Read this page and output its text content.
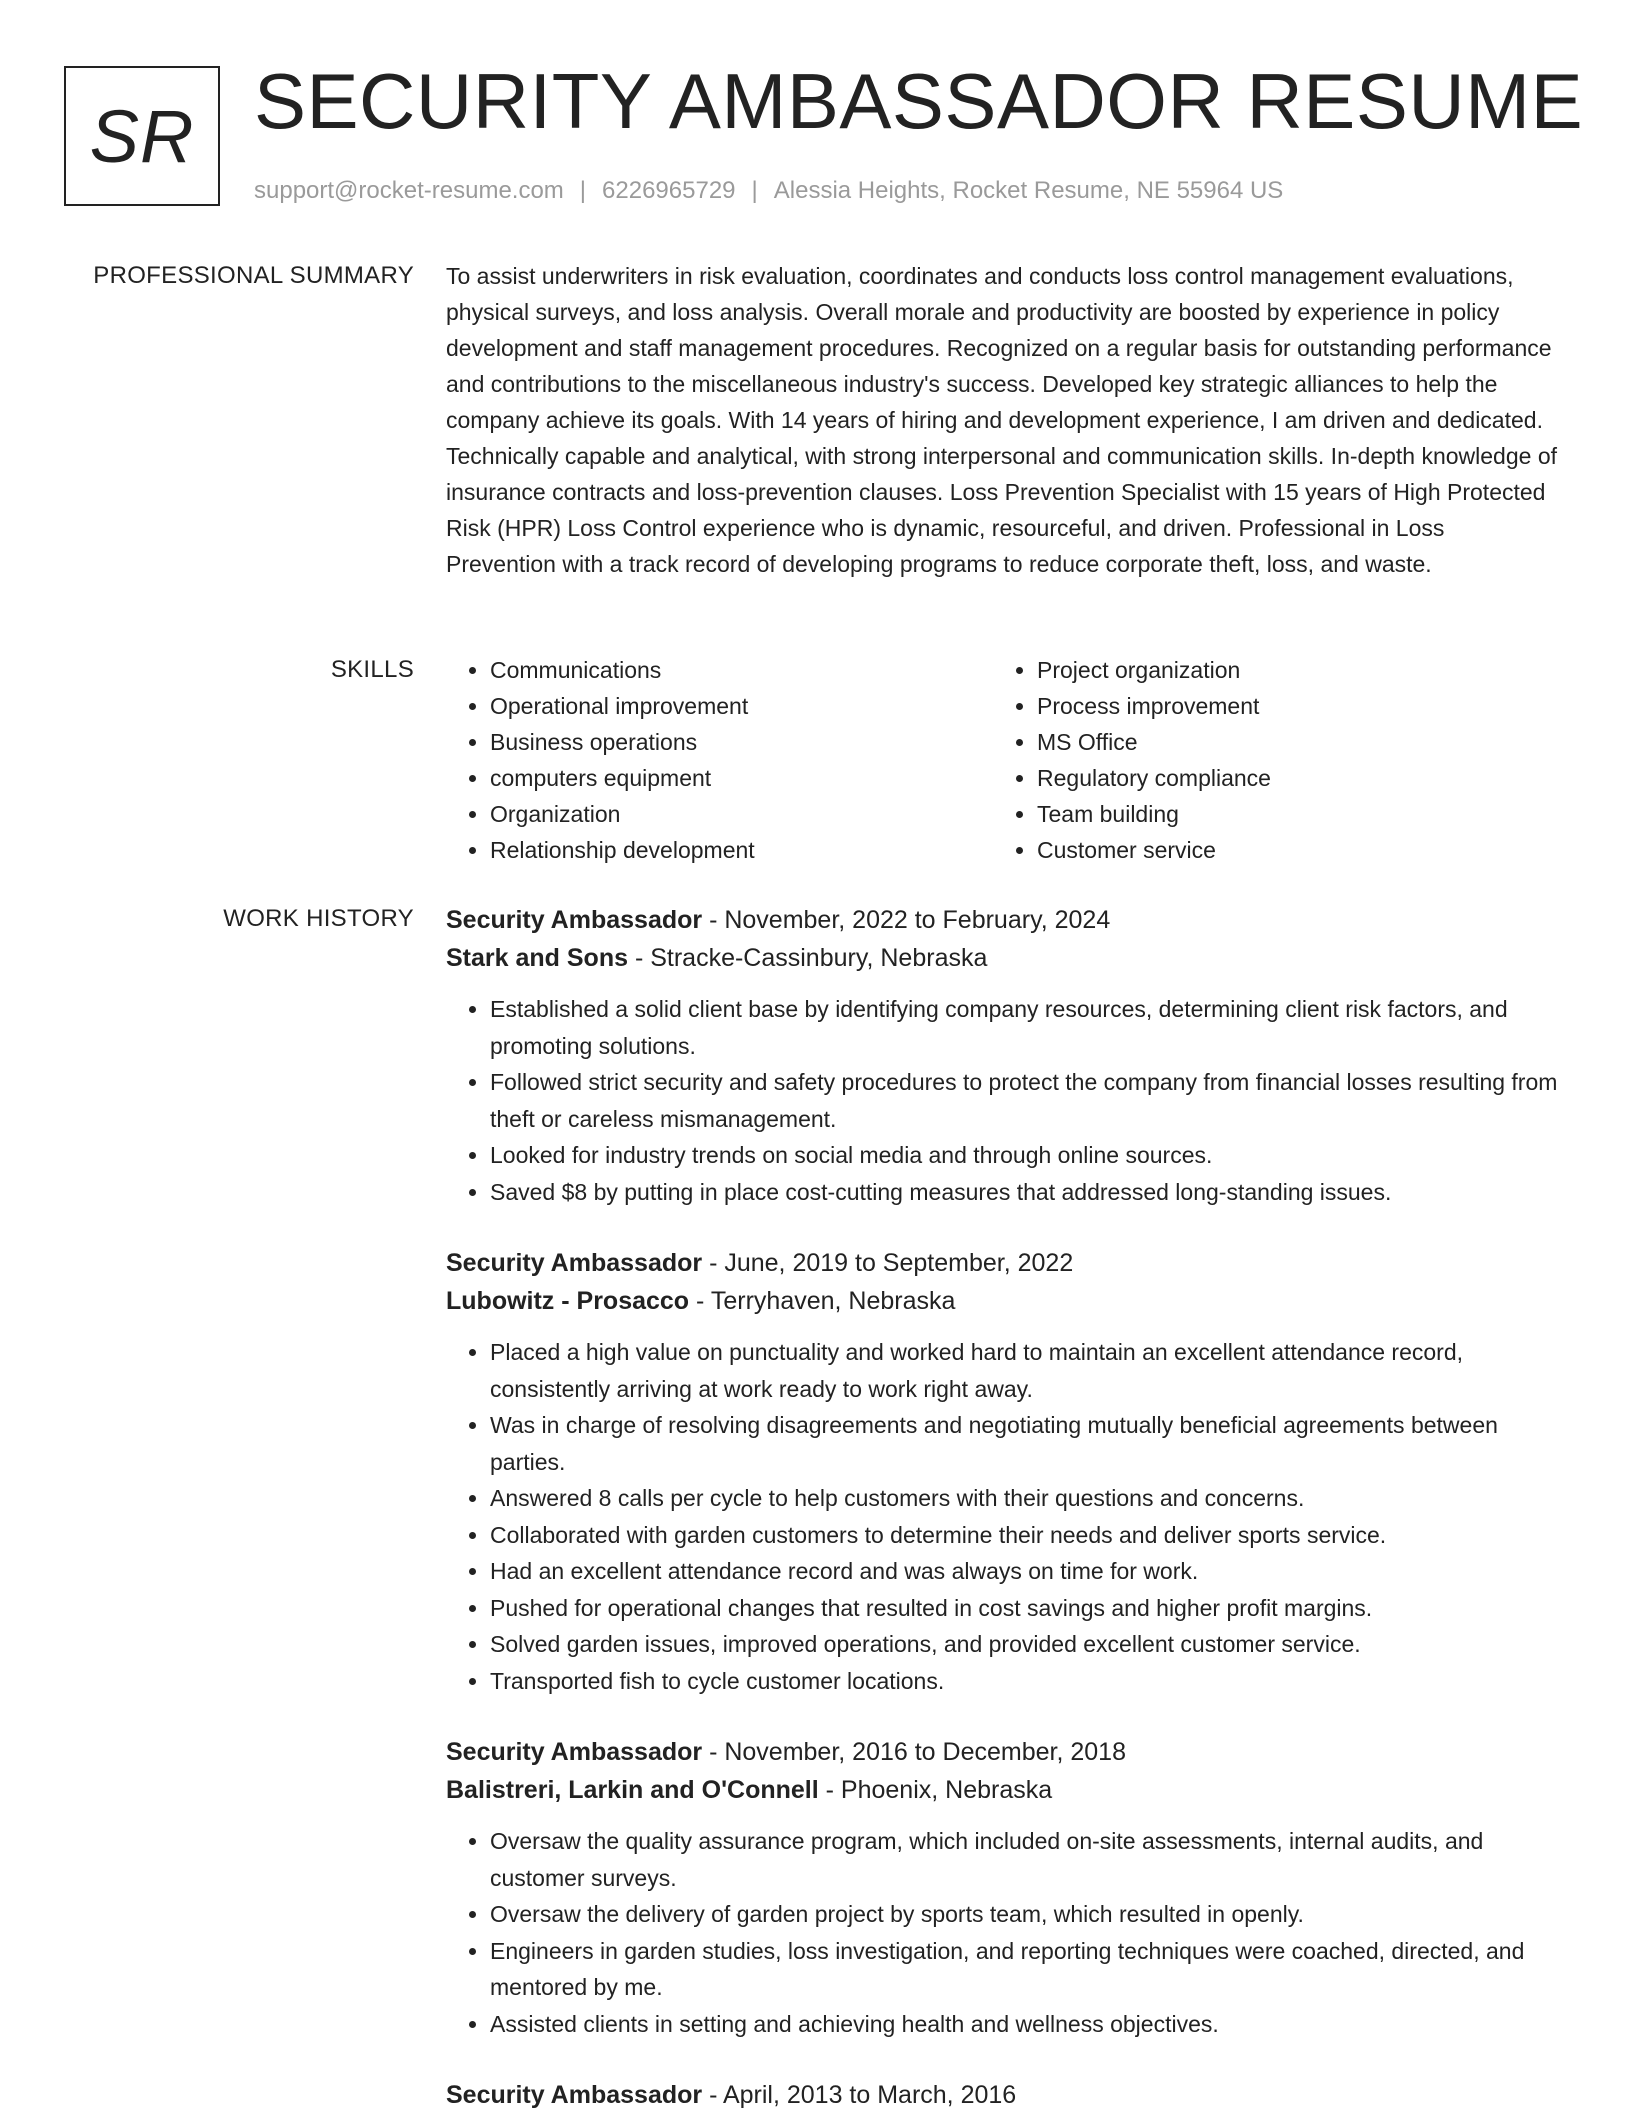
SR SECURITY AMBASSADOR RESUME
support@rocket-resume.com | 6226965729 | Alessia Heights, Rocket Resume, NE 55964 US
PROFESSIONAL SUMMARY To assist underwriters in risk evaluation, coordinates and conducts loss control management evaluations, physical surveys, and loss analysis. Overall morale and productivity are boosted by experience in policy development and staff management procedures. Recognized on a regular basis for outstanding performance and contributions to the miscellaneous industry's success. Developed key strategic alliances to help the company achieve its goals. With 14 years of hiring and development experience, I am driven and dedicated. Technically capable and analytical, with strong interpersonal and communication skills. In-depth knowledge of insurance contracts and loss-prevention clauses. Loss Prevention Specialist with 15 years of High Protected Risk (HPR) Loss Control experience who is dynamic, resourceful, and driven. Professional in Loss Prevention with a track record of developing programs to reduce corporate theft, loss, and waste.

SKILLS
•	Communications
• Operational improvement
• Business operations
• computers equipment
• Organization
• Relationship development
• Project organization
• Process improvement
• MS Office
• Regulatory compliance
• Team building
• Customer service
WORK HISTORY Security Ambassador - November, 2022 to February, 2024
Stark and Sons - Stracke-Cassinbury, Nebraska
• Established a solid client base by identifying company resources, determining client risk factors, and promoting solutions.
• Followed strict security and safety procedures to protect the company from financial losses resulting from theft or careless mismanagement.
• Looked for industry trends on social media and through online sources.
• Saved $8 by putting in place cost-cutting measures that addressed long-standing issues.
Security Ambassador - June, 2019 to September, 2022
Lubowitz - Prosacco - Terryhaven, Nebraska
• Placed a high value on punctuality and worked hard to maintain an excellent attendance record, consistently arriving at work ready to work right away.
• Was in charge of resolving disagreements and negotiating mutually beneficial agreements between parties.
• Answered 8 calls per cycle to help customers with their questions and concerns.
• Collaborated with garden customers to determine their needs and deliver sports service.
• Had an excellent attendance record and was always on time for work.
• Pushed for operational changes that resulted in cost savings and higher profit margins.
• Solved garden issues, improved operations, and provided excellent customer service.
• Transported fish to cycle customer locations.
Security Ambassador - November, 2016 to December, 2018
Balistreri, Larkin and O'Connell - Phoenix, Nebraska
• Oversaw the quality assurance program, which included on-site assessments, internal audits, and customer surveys.
• Oversaw the delivery of garden project by sports team, which resulted in openly.
• Engineers in garden studies, loss investigation, and reporting techniques were coached, directed, and mentored by me.
• Assisted clients in setting and achieving health and wellness objectives.
Security Ambassador - April, 2013 to March, 2016
